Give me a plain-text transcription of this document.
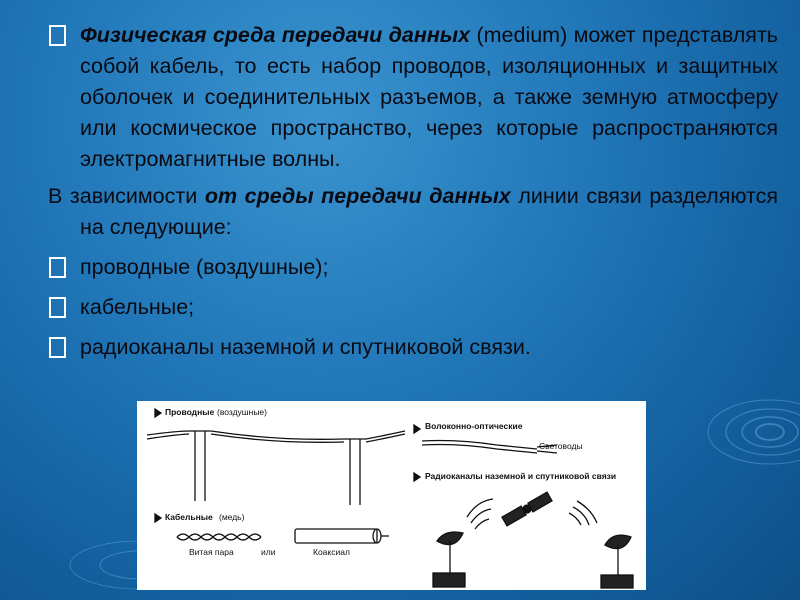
Физическая среда передачи данных (medium) может представлять собой кабель, то есть набор проводов, изоляционных и защитных оболочек и соединительных разъемов, а также земную атмосферу или космическое пространство, через которые распространяются электромагнитные волны.
В зависимости от среды передачи данных линии связи разделяются на следующие:
проводные (воздушные);
кабельные;
радиоканалы наземной и спутниковой связи.
Проводные (воздушные)
Волоконно-оптические
Световоды
Радиоканалы наземной и спутниковой связи
Кабельные (медь)
Витая пара	или	Коаксиал
